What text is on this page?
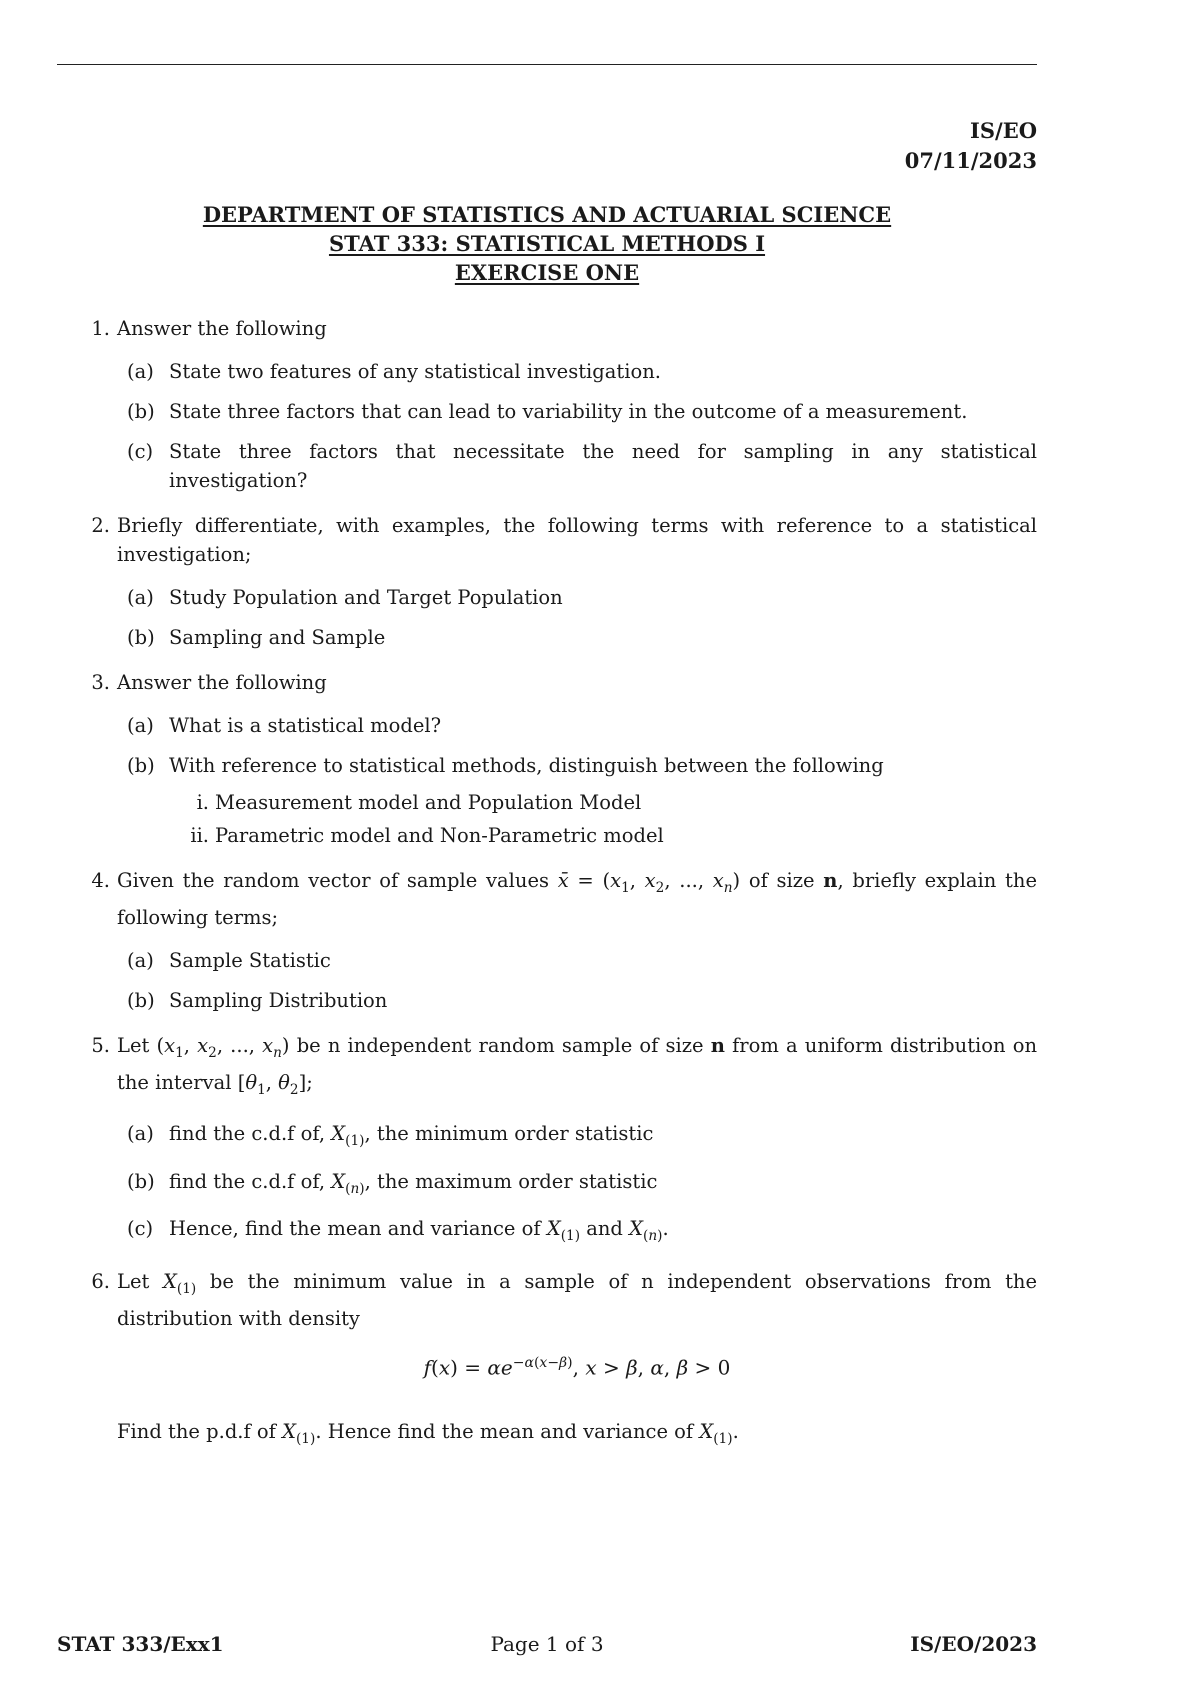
IS/EO
07/11/2023
DEPARTMENT OF STATISTICS AND ACTUARIAL SCIENCE
STAT 333: STATISTICAL METHODS I
EXERCISE ONE
1. Answer the following
(a) State two features of any statistical investigation.
(b) State three factors that can lead to variability in the outcome of a measurement.
(c) State three factors that necessitate the need for sampling in any statistical investigation?
2. Briefly differentiate, with examples, the following terms with reference to a statistical investigation;
(a) Study Population and Target Population
(b) Sampling and Sample
3. Answer the following
(a) What is a statistical model?
(b) With reference to statistical methods, distinguish between the following
i. Measurement model and Population Model
ii. Parametric model and Non-Parametric model
4. Given the random vector of sample values x̄ = ($x_1$, $x_2$, ..., $x_n$) of size n, briefly explain the following terms;
(a) Sample Statistic
(b) Sampling Distribution
5. Let ($x_1$, $x_2$, ..., $x_n$) be n independent random sample of size n from a uniform distribution on the interval [$\theta_1$, $\theta_2$];
(a) find the c.d.f of, $X_{(1)}$, the minimum order statistic
(b) find the c.d.f of, $X_{(n)}$, the maximum order statistic
(c) Hence, find the mean and variance of $X_{(1)}$ and $X_{(n)}$.
6. Let $X_{(1)}$ be the minimum value in a sample of n independent observations from the distribution with density
$f(x) = \alpha e^{-\alpha(x-\beta)}$, x > β, α, β > 0
Find the p.d.f of $X_{(1)}$. Hence find the mean and variance of $X_{(1)}$.
Page 1 of 3
STAT 333/Exx1	IS/EO/2023
